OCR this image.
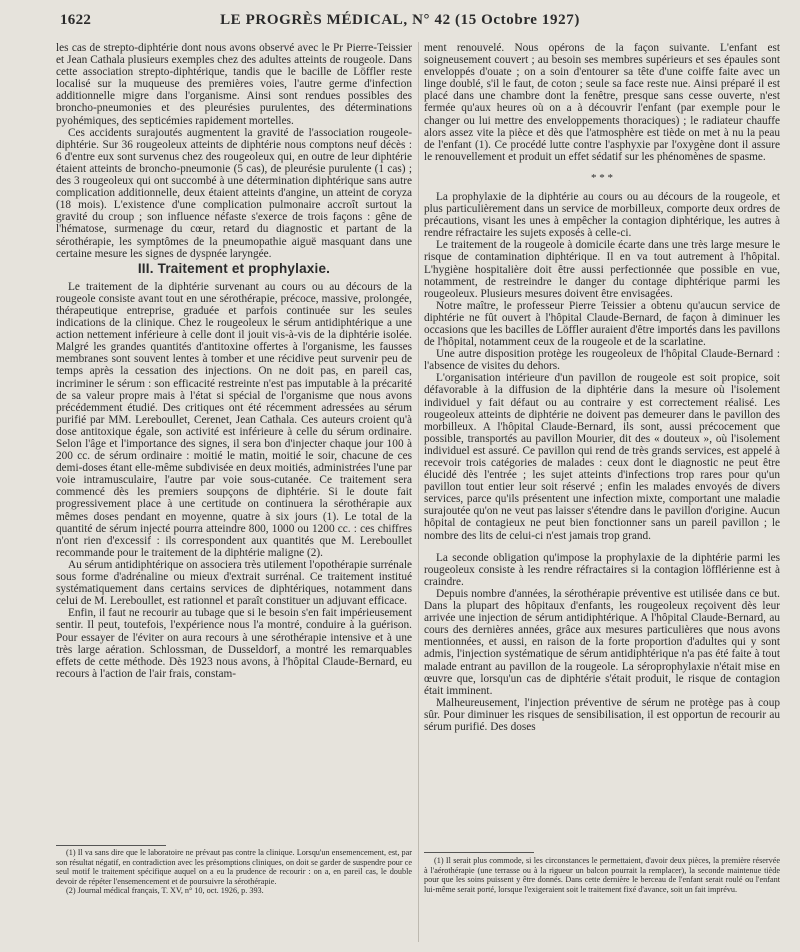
1622	LE PROGRÈS MÉDICAL, N° 42 (15 Octobre 1927)

les cas de strepto-diphtérie dont nous avons observé avec le Pr Pierre-Teissier et Jean Cathala plusieurs exemples chez des adultes atteints de rougeole. Dans cette association strepto-diphtérique, tandis que le bacille de Löffler reste localisé sur la muqueuse des premières voies, l'autre germe d'infection additionnelle migre dans l'organisme. Ainsi sont rendues possibles des broncho-pneumonies et des pleurésies purulentes, des déterminations pyohémiques, des septicémies rapidement mortelles.

Ces accidents surajoutés augmentent la gravité de l'association rougeole-diphtérie. Sur 36 rougeoleux atteints de diphtérie nous comptons neuf décès : 6 d'entre eux sont survenus chez des rougeoleux qui, en outre de leur diphtérie étaient atteints de broncho-pneumonie (5 cas), de pleurésie purulente (1 cas) ; des 3 rougeoleux qui ont succombé à une détermination diphtérique sans autre complication additionnelle, deux étaient atteints d'angine, un atteint de coryza (18 mois). L'existence d'une complication pulmonaire accroît surtout la gravité du croup ; son influence néfaste s'exerce de trois façons : gêne de l'hématose, surmenage du cœur, retard du diagnostic et partant de la sérothérapie, les symptômes de la pneumopathie aiguë masquant dans une certaine mesure les signes de dyspnée laryngée.

III. Traitement et prophylaxie.

Le traitement de la diphtérie survenant au cours ou au décours de la rougeole consiste avant tout en une sérothérapie, précoce, massive, prolongée, thérapeutique entreprise, graduée et parfois continuée sur les seules indications de la clinique. Chez le rougeoleux le sérum antidiphtérique a une action nettement inférieure à celle dont il jouit vis-à-vis de la diphtérie isolée. Malgré les grandes quantités d'antitoxine offertes à l'organisme, les fausses membranes sont souvent lentes à tomber et une récidive peut survenir peu de temps après la cessation des injections. On ne doit pas, en pareil cas, incriminer le sérum : son efficacité restreinte n'est pas imputable à la précarité de sa valeur propre mais à l'état si spécial de l'organisme que nous avons précédemment étudié. Des critiques ont été récemment adressées au sérum purifié par MM. Lereboullet, Cerenet, Jean Cathala. Ces auteurs croient qu'à dose antitoxique égale, son activité est inférieure à celle du sérum ordinaire. Selon l'âge et l'importance des signes, il sera bon d'injecter chaque jour 100 à 200 cc. de sérum ordinaire : moitié le matin, moitié le soir, chacune de ces demi-doses étant elle-même subdivisée en deux moitiés, administrées l'une par voie intramusculaire, l'autre par voie sous-cutanée. Ce traitement sera commencé dès les premiers soupçons de diphtérie. Si le doute fait progressivement place à une certitude on continuera la sérothérapie aux mêmes doses pendant en moyenne, quatre à six jours (1). Le total de la quantité de sérum injecté pourra atteindre 800, 1000 ou 1200 cc. : ces chiffres n'ont rien d'excessif : ils correspondent aux quantités que M. Lereboullet recommande pour le traitement de la diphtérie maligne (2).

Au sérum antidiphtérique on associera très utilement l'opothérapie surrénale sous forme d'adrénaline ou mieux d'extrait surrénal. Ce traitement institué systématiquement dans certains services de diphtériques, notamment dans celui de M. Lereboullet, est rationnel et paraît constituer un adjuvant efficace.

Enfin, il faut ne recourir au tubage que si le besoin s'en fait impérieusement sentir. Il peut, toutefois, l'expérience nous l'a montré, conduire à la guérison. Pour essayer de l'éviter on aura recours à une sérothérapie intensive et à une très large aération. Schlossman, de Dusseldorf, a montré les remarquables effets de cette méthode. Dès 1923 nous avons, à l'hôpital Claude-Bernard, eu recours à l'action de l'air frais, constam-

ment renouvelé. Nous opérons de la façon suivante. L'enfant est soigneusement couvert ; au besoin ses membres supérieurs et ses épaules sont enveloppés d'ouate ; on a soin d'entourer sa tête d'une coiffe faite avec un linge doublé, s'il le faut, de coton ; seule sa face reste nue. Ainsi préparé il est placé dans une chambre dont la fenêtre, presque sans cesse ouverte, n'est fermée qu'aux heures où on a à découvrir l'enfant (par exemple pour le changer ou lui mettre des enveloppements thoraciques) ; le radiateur chauffe alors assez vite la pièce et dès que l'atmosphère est tiède on met à nu la peau de l'enfant (1). Ce procédé lutte contre l'asphyxie par l'oxygène dont il assure le renouvellement et produit un effet sédatif sur les phénomènes de spasme.

* * *

La prophylaxie de la diphtérie au cours ou au décours de la rougeole, et plus particulièrement dans un service de morbilleux, comporte deux ordres de précautions, visant les unes à empêcher la contagion diphtérique, les autres à rendre réfractaire les sujets exposés à celle-ci.

Le traitement de la rougeole à domicile écarte dans une très large mesure le risque de contamination diphtérique. Il en va tout autrement à l'hôpital. L'hygiène hospitalière doit être aussi perfectionnée que possible en vue, notamment, de restreindre le danger du contage diphtérique parmi les rougeoleux. Plusieurs mesures doivent être envisagées.

Notre maître, le professeur Pierre Teissier a obtenu qu'aucun service de diphtérie ne fût ouvert à l'hôpital Claude-Bernard, de façon à diminuer les occasions que les bacilles de Löffler auraient d'être importés dans les pavillons de l'hôpital, notamment ceux de la rougeole et de la scarlatine.

Une autre disposition protège les rougeoleux de l'hôpital Claude-Bernard : l'absence de visites du dehors.

L'organisation intérieure d'un pavillon de rougeole est soit propice, soit défavorable à la diffusion de la diphtérie dans la mesure où l'isolement individuel y fait défaut ou au contraire y est correctement réalisé. Les rougeoleux atteints de diphtérie ne doivent pas demeurer dans le pavillon des morbilleux. A l'hôpital Claude-Bernard, ils sont, aussi précocement que possible, transportés au pavillon Mourier, dit des « douteux », où l'isolement individuel est assuré. Ce pavillon qui rend de très grands services, est appelé à recevoir trois catégories de malades : ceux dont le diagnostic ne peut être élucidé dès l'entrée ; les sujet atteints d'infections trop rares pour qu'un pavillon tout entier leur soit réservé ; enfin les malades envoyés de divers services, parce qu'ils présentent une infection mixte, comportant une maladie surajoutée qu'on ne veut pas laisser s'étendre dans le pavillon d'origine. Aucun hôpital de contagieux ne peut bien fonctionner sans un pareil pavillon ; le nombre des lits de celui-ci n'est jamais trop grand.

La seconde obligation qu'impose la prophylaxie de la diphtérie parmi les rougeoleux consiste à les rendre réfractaires si la contagion löfflérienne est à craindre.

Depuis nombre d'années, la sérothérapie préventive est utilisée dans ce but. Dans la plupart des hôpitaux d'enfants, les rougeoleux reçoivent dès leur arrivée une injection de sérum antidiphtérique. A l'hôpital Claude-Bernard, au cours des dernières années, grâce aux mesures particulières que nous avons mentionnées, et aussi, en raison de la forte proportion d'adultes qui y sont admis, l'injection systématique de sérum antidiphtérique n'a pas été faite à tout malade entrant au pavillon de la rougeole. La séroprophylaxie n'était mise en œuvre que, lorsqu'un cas de diphtérie s'était produit, le risque de contagion était imminent.

Malheureusement, l'injection préventive de sérum ne protège pas à coup sûr. Pour diminuer les risques de sensibilisation, il est opportun de recourir au sérum purifié. Des doses

(1) Il va sans dire que le laboratoire ne prévaut pas contre la clinique. Lorsqu'un ensemencement, est, par son résultat négatif, en contradiction avec les présomptions cliniques, on doit se garder de suspendre pour ce seul motif le traitement spécifique auquel on a eu la prudence de recourir : on a, en pareil cas, le double devoir de répéter l'ensemencement et de poursuivre la sérothérapie.

(2) Journal médical français, T. XV, n° 10, oct. 1926, p. 393.

(1) Il serait plus commode, si les circonstances le permettaient, d'avoir deux pièces, la première réservée à l'aérothérapie (une terrasse ou à la rigueur un balcon pourrait la remplacer), la seconde maintenue tiède pour que les soins puissent y être donnés. Dans cette dernière le berceau de l'enfant serait roulé ou l'enfant lui-même serait porté, lorsque l'exigeraient soit le traitement fixé d'avance, soit un fait imprévu.
